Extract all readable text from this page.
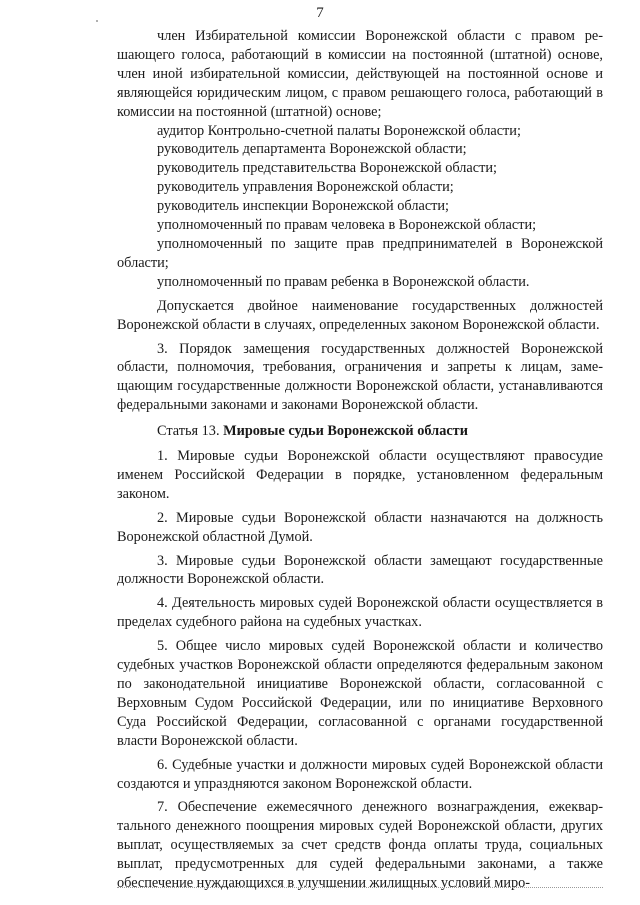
7

член Избирательной комиссии Воронежской области с правом решающего голоса, работающий в комиссии на постоянной (штатной) основе, член иной избирательной комиссии, действующей на постоянной основе и являющейся юридическим лицом, с правом решающего голоса, работающий в комиссии на постоянной (штатной) основе;

аудитор Контрольно-счетной палаты Воронежской области;

руководитель департамента Воронежской области;

руководитель представительства Воронежской области;

руководитель управления Воронежской области;

руководитель инспекции Воронежской области;

уполномоченный по правам человека в Воронежской области;

уполномоченный по защите прав предпринимателей в Воронежской области;

уполномоченный по правам ребенка в Воронежской области.

Допускается двойное наименование государственных должностей Воронежской области в случаях, определенных законом Воронежской области.

3. Порядок замещения государственных должностей Воронежской области, полномочия, требования, ограничения и запреты к лицам, замещающим государственные должности Воронежской области, устанавливаются федеральными законами и законами Воронежской области.

Статья 13. Мировые судьи Воронежской области

1. Мировые судьи Воронежской области осуществляют правосудие именем Российской Федерации в порядке, установленном федеральным законом.

2. Мировые судьи Воронежской области назначаются на должность Воронежской областной Думой.

3. Мировые судьи Воронежской области замещают государственные должности Воронежской области.

4. Деятельность мировых судей Воронежской области осуществляется в пределах судебного района на судебных участках.

5. Общее число мировых судей Воронежской области и количество судебных участков Воронежской области определяются федеральным законом по законодательной инициативе Воронежской области, согласованной с Верховным Судом Российской Федерации, или по инициативе Верховного Суда Российской Федерации, согласованной с органами государственной власти Воронежской области.

6. Судебные участки и должности мировых судей Воронежской области создаются и упраздняются законом Воронежской области.

7. Обеспечение ежемесячного денежного вознаграждения, ежеквартального денежного поощрения мировых судей Воронежской области, других выплат, осуществляемых за счет средств фонда оплаты труда, социальных выплат, предусмотренных для судей федеральными законами, а также обеспечение нуждающихся в улучшении жилищных условий миро-
